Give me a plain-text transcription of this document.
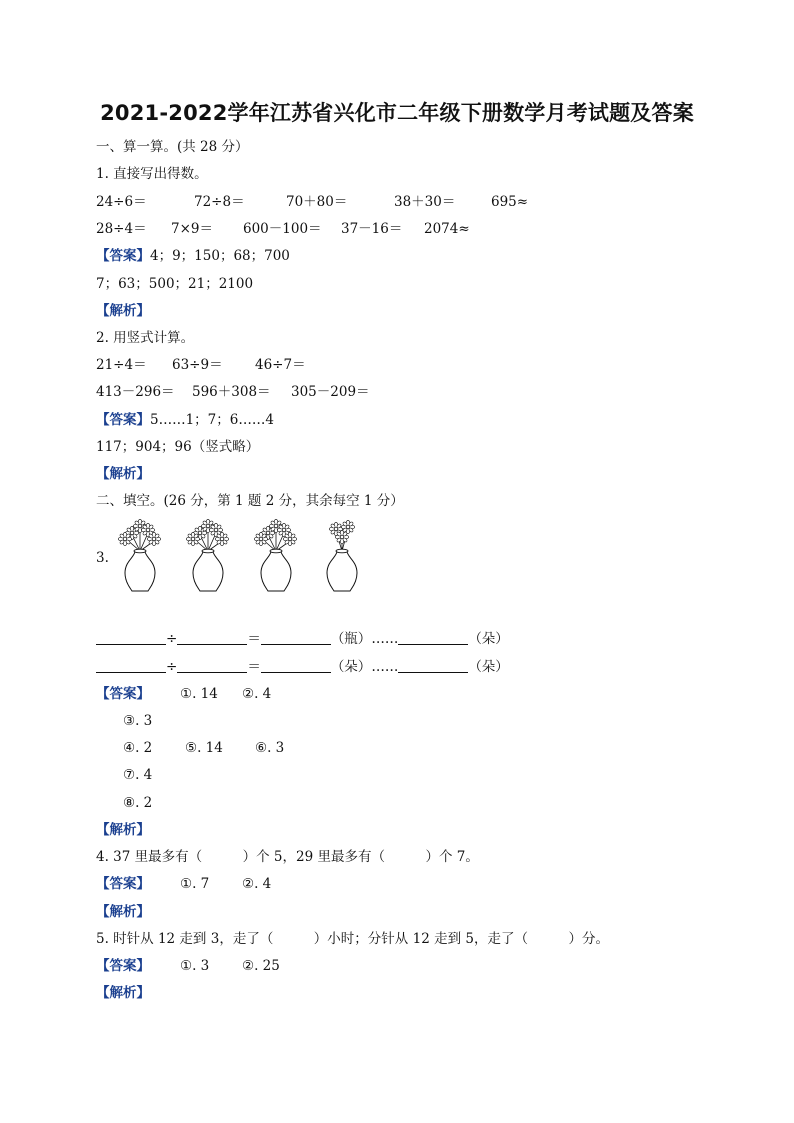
2021-2022学年江苏省兴化市二年级下册数学月考试题及答案
一、算一算。(共 28 分）
1. 直接写出得数。
24÷6＝	72÷8＝	70＋80＝	38＋30＝	695≈
28÷4＝ 7×9＝ 600－100＝ 37－16＝ 2074≈
【答案】4；9；150；68；700
7；63；500；21；2100
【解析】
2. 用竖式计算。
21÷4＝ 63÷9＝ 46÷7＝
413－296＝ 596＋308＝ 305－209＝
【答案】5……1；7；6……4
117；904；96（竖式略）
【解析】
二、填空。(26 分，第 1 题 2 分，其余每空 1 分）
3.
÷	＝	（瓶）……	（朵）
÷	＝	（朵）……	（朵）
【答案】 ①. 14 ②. 4
③. 3
④. 2 ⑤. 14 ⑥. 3
⑦. 4
⑧. 2
【解析】
4. 37 里最多有（　　　）个 5，29 里最多有（　　　）个 7。
【答案】 ①. 7 ②. 4
【解析】
5. 时针从 12 走到 3，走了（　　　）小时；分针从 12 走到 5，走了（　　　）分。
【答案】 ①. 3 ②. 25
【解析】
